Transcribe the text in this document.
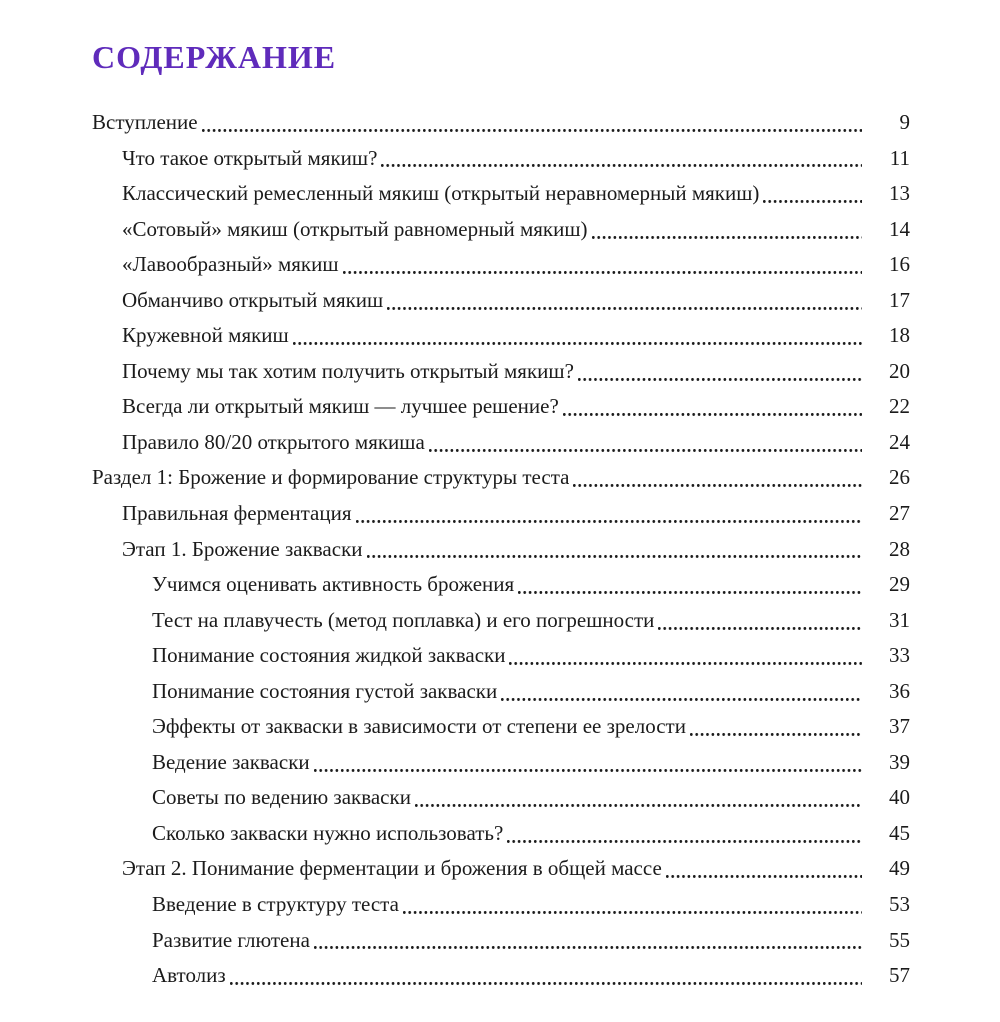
СОДЕРЖАНИЕ
Вступление	9
Что такое открытый мякиш?	11
Классический ремесленный мякиш (открытый неравномерный мякиш)	13
«Сотовый» мякиш (открытый равномерный мякиш)	14
«Лавообразный» мякиш	16
Обманчиво открытый мякиш	17
Кружевной мякиш	18
Почему мы так хотим получить открытый мякиш?	20
Всегда ли открытый мякиш — лучшее решение?	22
Правило 80/20 открытого мякиша	24
Раздел 1: Брожение и формирование структуры теста	26
Правильная ферментация	27
Этап 1. Брожение закваски	28
Учимся оценивать активность брожения	29
Тест на плавучесть (метод поплавка) и его погрешности	31
Понимание состояния жидкой закваски	33
Понимание состояния густой закваски	36
Эффекты от закваски в зависимости от степени ее зрелости	37
Ведение закваски	39
Советы по ведению закваски	40
Сколько закваски нужно использовать?	45
Этап 2. Понимание ферментации и брожения в общей массе	49
Введение в структуру теста	53
Развитие глютена	55
Автолиз	57
